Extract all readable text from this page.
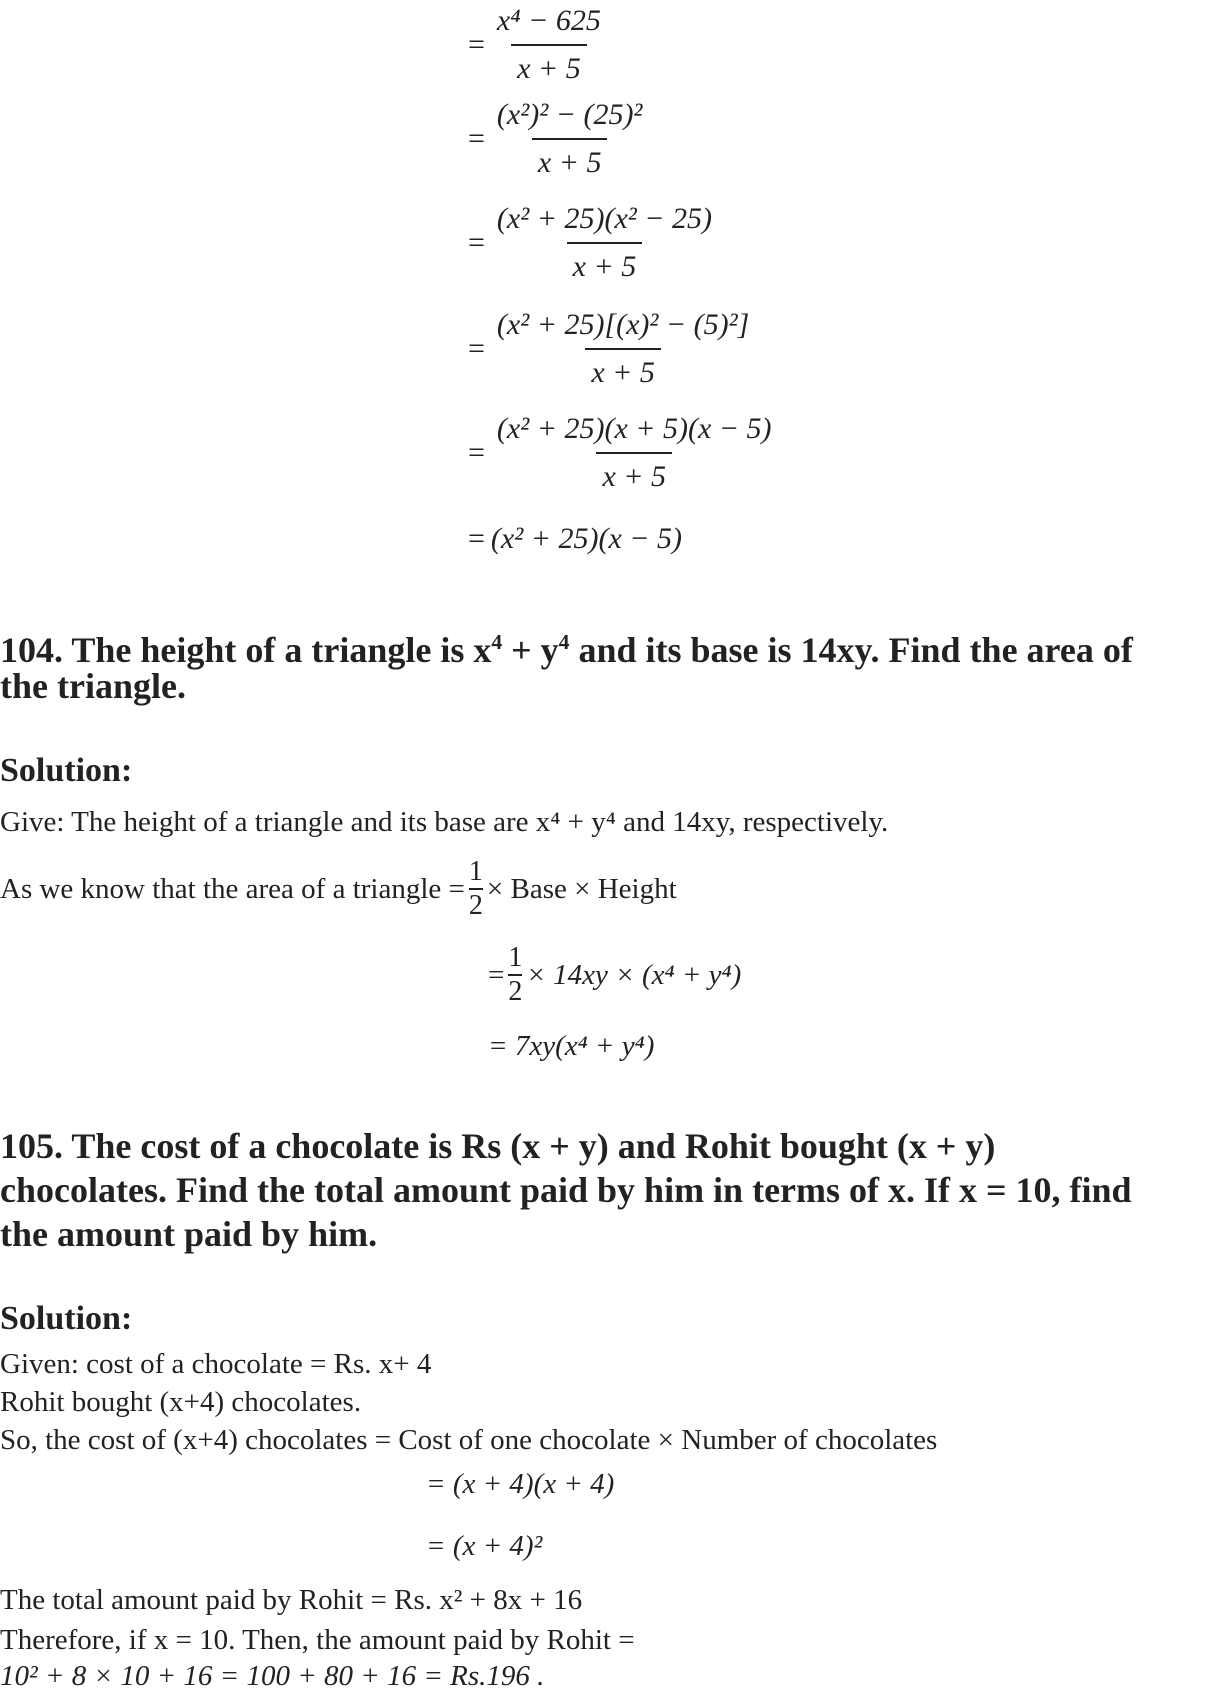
= $\frac{\text{x⁴ − 625}}{x + 5}$
= $\frac{\text{(x²)² − (25)²}}{x + 5}$
= $\frac{\text{(x² + 25)(x² − 25)}}{x + 5}$
= $\frac{\text{(x² + 25)[(x)² − (5)²]}}{x + 5}$
= $\frac{\text{(x² + 25)(x + 5)(x − 5)}}{x + 5}$
= (x² + 25)(x − 5)
104. The height of a triangle is $x^4 + y^4$ and its base is 14xy. Find the area of
the triangle.
Solution:
Give: The height of a triangle and its base are x⁴ + y⁴ and 14xy, respectively.
As we know that the area of a triangle = $\frac{1}{2}$ × Base × Height
= $\frac{1}{2} \times 14xy \times (x^4 + y^4)$
= 7xy(x⁴ + y⁴)
105. The cost of a chocolate is Rs (x + y) and Rohit bought (x + y)
chocolates. Find the total amount paid by him in terms of x. If x = 10, find
the amount paid by him.
Solution:
Given: cost of a chocolate = Rs. x+ 4
Rohit bought (x+4) chocolates.
So, the cost of (x+4) chocolates = Cost of one chocolate × Number of chocolates
= (x + 4)(x + 4)
= (x + 4)²
The total amount paid by Rohit = Rs. x² + 8x + 16
Therefore, if x = 10. Then, the amount paid by Rohit =
10² + 8 × 10 + 16 = 100 + 80 + 16 = Rs.196 .
